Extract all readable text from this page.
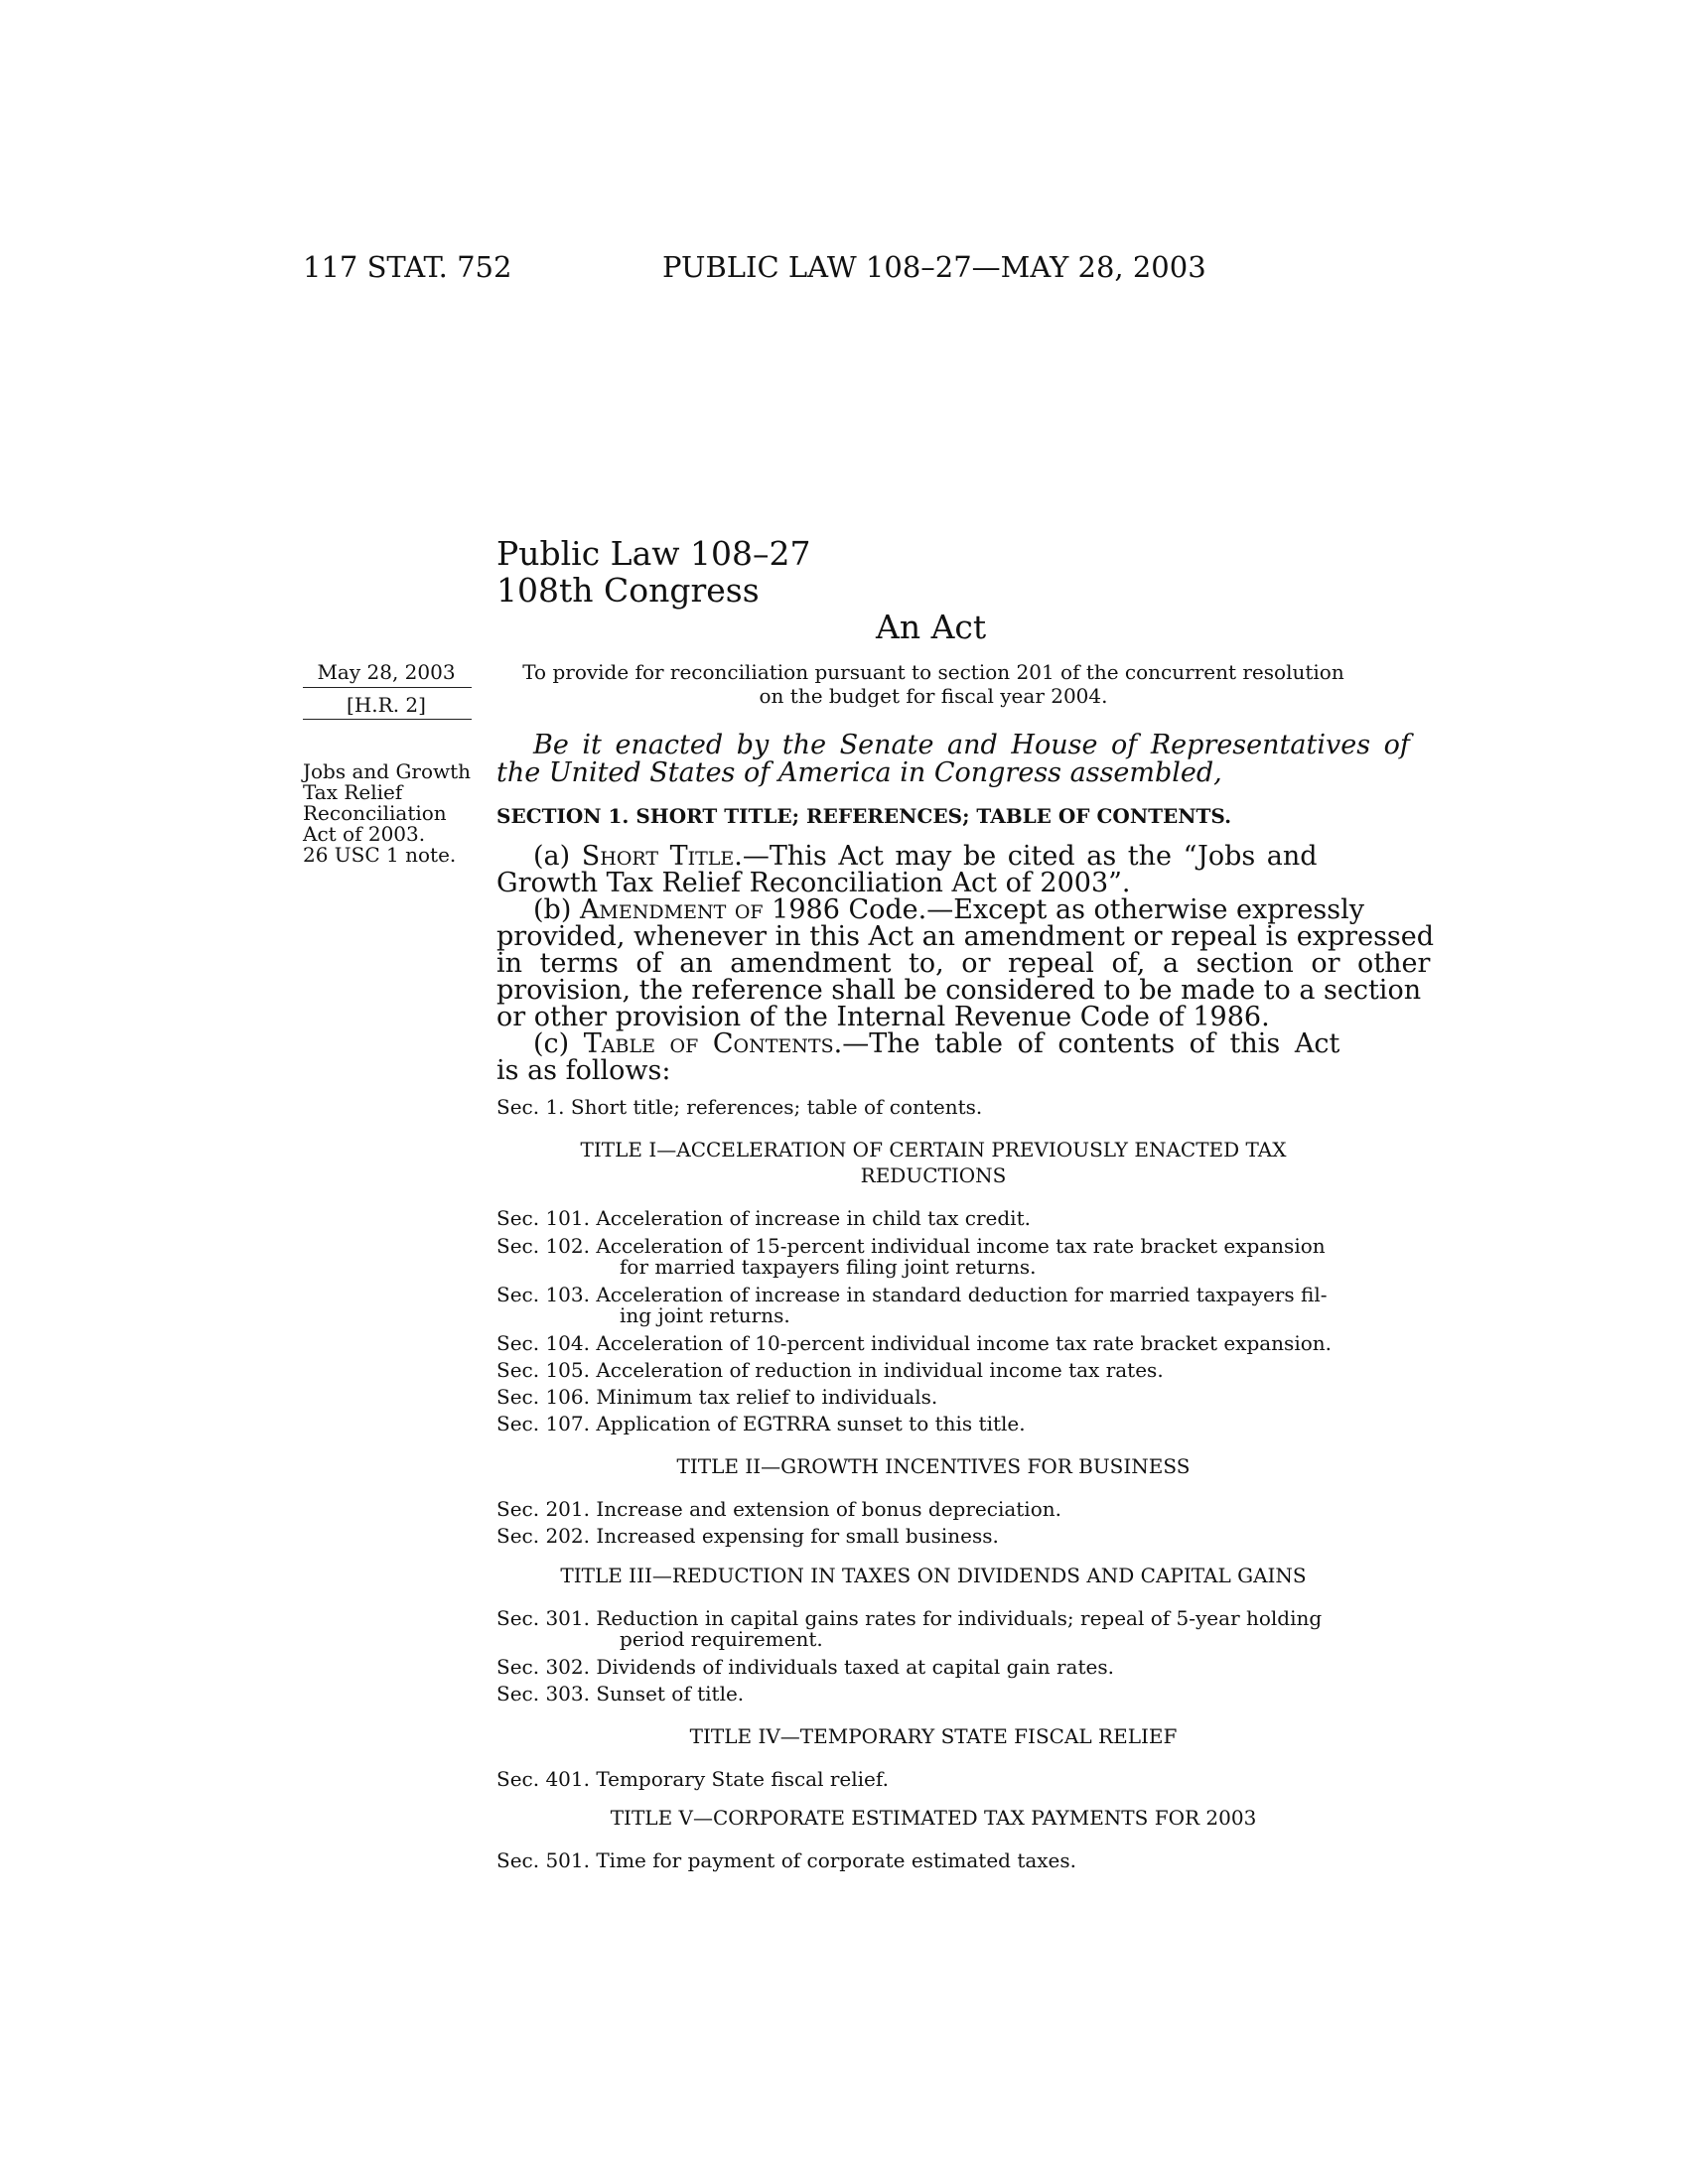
117 STAT. 752	PUBLIC LAW 108–27—MAY 28, 2003
Public Law 108–27
108th Congress
An Act
May 28, 2003
[H.R. 2]
Jobs and Growth
Tax Relief
Reconciliation
Act of 2003.
26 USC 1 note.
To provide for reconciliation pursuant to section 201 of the concurrent resolution
on the budget for fiscal year 2004.
Be it enacted by the Senate and House of Representatives of
the United States of America in Congress assembled,
SECTION 1. SHORT TITLE; REFERENCES; TABLE OF CONTENTS.
(a) Short Title.—This Act may be cited as the “Jobs and
Growth Tax Relief Reconciliation Act of 2003”.
(b) Amendment of 1986 Code.—Except as otherwise expressly
provided, whenever in this Act an amendment or repeal is expressed
in terms of an amendment to, or repeal of, a section or other
provision, the reference shall be considered to be made to a section
or other provision of the Internal Revenue Code of 1986.
(c) Table of Contents.—The table of contents of this Act
is as follows:
Sec. 1. Short title; references; table of contents.
TITLE I—ACCELERATION OF CERTAIN PREVIOUSLY ENACTED TAX
REDUCTIONS
Sec. 101. Acceleration of increase in child tax credit.
Sec. 102. Acceleration of 15-percent individual income tax rate bracket expansion
for married taxpayers filing joint returns.
Sec. 103. Acceleration of increase in standard deduction for married taxpayers fil-
ing joint returns.
Sec. 104. Acceleration of 10-percent individual income tax rate bracket expansion.
Sec. 105. Acceleration of reduction in individual income tax rates.
Sec. 106. Minimum tax relief to individuals.
Sec. 107. Application of EGTRRA sunset to this title.
TITLE II—GROWTH INCENTIVES FOR BUSINESS
Sec. 201. Increase and extension of bonus depreciation.
Sec. 202. Increased expensing for small business.
TITLE III—REDUCTION IN TAXES ON DIVIDENDS AND CAPITAL GAINS
Sec. 301. Reduction in capital gains rates for individuals; repeal of 5-year holding
period requirement.
Sec. 302. Dividends of individuals taxed at capital gain rates.
Sec. 303. Sunset of title.
TITLE IV—TEMPORARY STATE FISCAL RELIEF
Sec. 401. Temporary State fiscal relief.
TITLE V—CORPORATE ESTIMATED TAX PAYMENTS FOR 2003
Sec. 501. Time for payment of corporate estimated taxes.
